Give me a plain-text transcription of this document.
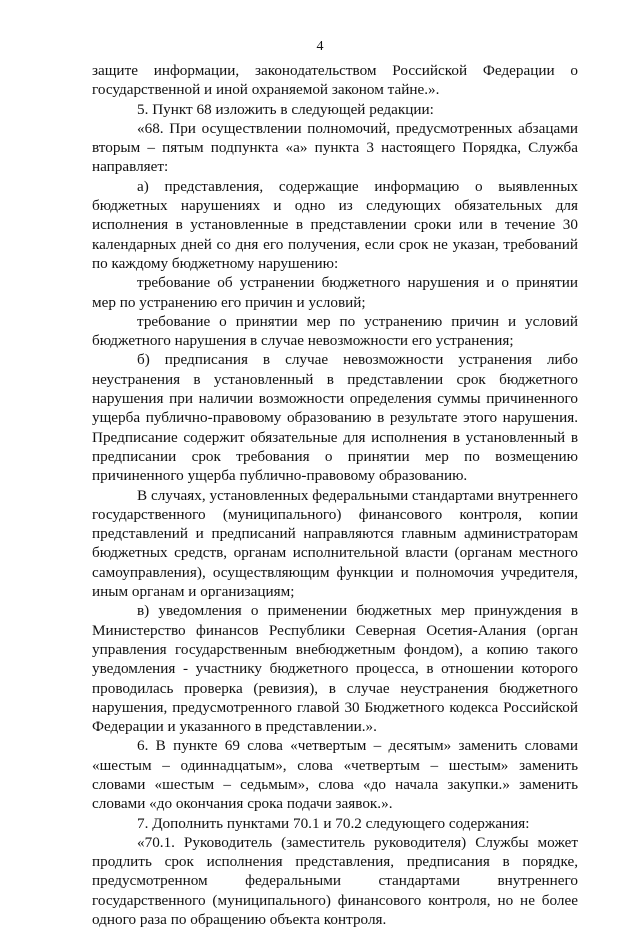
4

защите информации, законодательством Российской Федерации о государственной и иной охраняемой законом тайне.».

5. Пункт 68 изложить в следующей редакции:

«68. При осуществлении полномочий, предусмотренных абзацами вторым – пятым подпункта «а» пункта 3 настоящего Порядка, Служба направляет:

а) представления, содержащие информацию о выявленных бюджетных нарушениях и одно из следующих обязательных для исполнения в установленные в представлении сроки или в течение 30 календарных дней со дня его получения, если срок не указан, требований по каждому бюджетному нарушению:

требование об устранении бюджетного нарушения и о принятии мер по устранению его причин и условий;

требование о принятии мер по устранению причин и условий бюджетного нарушения в случае невозможности его устранения;

б) предписания в случае невозможности устранения либо неустранения в установленный в представлении срок бюджетного нарушения при наличии возможности определения суммы причиненного ущерба публично-правовому образованию в результате этого нарушения. Предписание содержит обязательные для исполнения в установленный в предписании срок требования о принятии мер по возмещению причиненного ущерба публично-правовому образованию.

В случаях, установленных федеральными стандартами внутреннего государственного (муниципального) финансового контроля, копии представлений и предписаний направляются главным администраторам бюджетных средств, органам исполнительной власти (органам местного самоуправления), осуществляющим функции и полномочия учредителя, иным органам и организациям;

в) уведомления о применении бюджетных мер принуждения в Министерство финансов Республики Северная Осетия-Алания (орган управления государственным внебюджетным фондом), а копию такого уведомления - участнику бюджетного процесса, в отношении которого проводилась проверка (ревизия), в случае неустранения бюджетного нарушения, предусмотренного главой 30 Бюджетного кодекса Российской Федерации и указанного в представлении.».

6. В пункте 69 слова «четвертым – десятым» заменить словами «шестым – одиннадцатым», слова «четвертым – шестым» заменить словами «шестым – седьмым», слова «до начала закупки.» заменить словами «до окончания срока подачи заявок.».

7. Дополнить пунктами 70.1 и 70.2 следующего содержания:

«70.1. Руководитель (заместитель руководителя) Службы может продлить срок исполнения представления, предписания в порядке, предусмотренном федеральными стандартами внутреннего государственного (муниципального) финансового контроля, но не более одного раза по обращению объекта контроля.
